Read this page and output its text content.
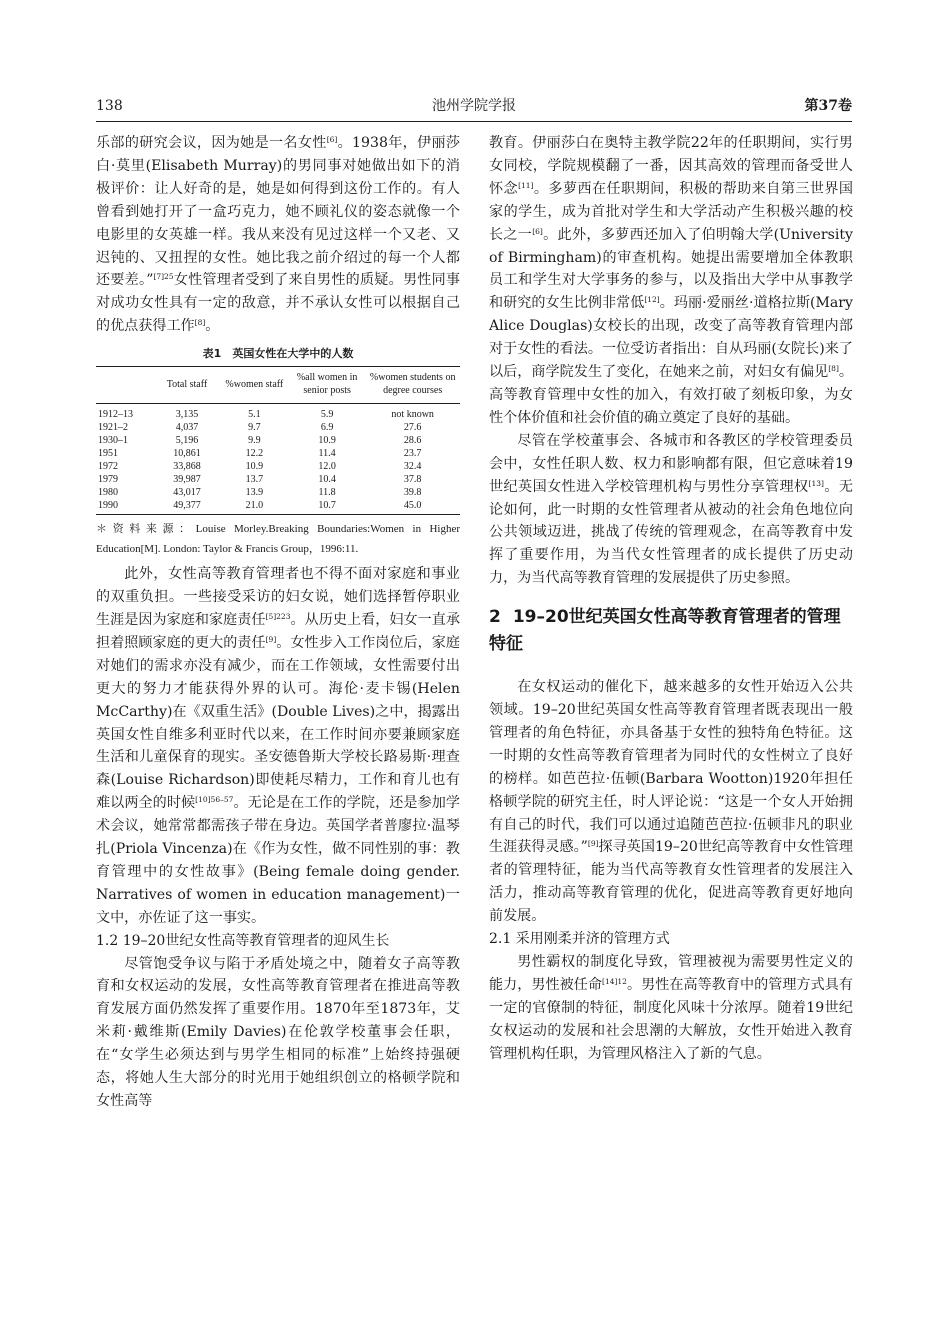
138	池州学院学报	第37卷

乐部的研究会议，因为她是一名女性[6]。1938年，伊丽莎白·莫里(Elisabeth Murray)的男同事对她做出如下的消极评价：让人好奇的是，她是如何得到这份工作的。有人曾看到她打开了一盒巧克力，她不顾礼仪的姿态就像一个电影里的女英雄一样。我从来没有见过这样一个又老、又迟钝的、又扭捏的女性。她比我之前介绍过的每一个人都还要差。”$^{[7]25}$女性管理者受到了来自男性的质疑。男性同事对成功女性具有一定的敌意，并不承认女性可以根据自己的优点获得工作[8]。

表1　英国女性在大学中的人数
	Total staff	%women staff	%all women in senior posts	%women students on degree courses
1912–13	3,135	5.1	5.9	not known
1921–2	4,037	9.7	6.9	27.6
1930–1	5,196	9.9	10.9	28.6
1951	10,861	12.2	11.4	23.7
1972	33,868	10.9	12.0	32.4
1979	39,987	13.7	10.4	37.8
1980	43,017	13.9	11.8	39.8
1990	49,377	21.0	10.7	45.0
＊资料来源：Louise Morley.Breaking Boundaries:Women in Higher Education[M]. London: Taylor & Francis Group，1996:11.

此外，女性高等教育管理者也不得不面对家庭和事业的双重负担。一些接受采访的妇女说，她们选择暂停职业生涯是因为家庭和家庭责任$^{[5]223}$。从历史上看，妇女一直承担着照顾家庭的更大的责任[9]。女性步入工作岗位后，家庭对她们的需求亦没有减少，而在工作领域，女性需要付出更大的努力才能获得外界的认可。海伦·麦卡锡(Helen McCarthy)在《双重生活》(Double Lives)之中，揭露出英国女性自维多利亚时代以来，在工作时间亦要兼顾家庭生活和儿童保育的现实。圣安德鲁斯大学校长路易斯·理查森(Louise Richardson)即使耗尽精力，工作和育儿也有难以两全的时候$^{[10]56-57}$。无论是在工作的学院，还是参加学术会议，她常常都需孩子带在身边。英国学者普廖拉·温琴扎(Priola Vincenza)在《作为女性，做不同性别的事：教育管理中的女性故事》(Being female doing gender. Narratives of women in education management)一文中，亦佐证了这一事实。

1.2 19–20世纪女性高等教育管理者的迎风生长

尽管饱受争议与陷于矛盾处境之中，随着女子高等教育和女权运动的发展，女性高等教育管理者在推进高等教育发展方面仍然发挥了重要作用。1870年至1873年，艾米莉·戴维斯(Emily Davies)在伦敦学校董事会任职，在“女学生必须达到与男学生相同的标准”上始终持强硬态，将她人生大部分的时光用于她组织创立的格顿学院和女性高等

教育。伊丽莎白在奥特主教学院22年的任职期间，实行男女同校，学院规模翻了一番，因其高效的管理而备受世人怀念[11]。多萝西在任职期间，积极的帮助来自第三世界国家的学生，成为首批对学生和大学活动产生积极兴趣的校长之一[6]。此外，多萝西还加入了伯明翰大学(University of Birmingham)的审查机构。她提出需要增加全体教职员工和学生对大学事务的参与，以及指出大学中从事教学和研究的女生比例非常低[12]。玛丽·爱丽丝·道格拉斯(Mary Alice Douglas)女校长的出现，改变了高等教育管理内部对于女性的看法。一位受访者指出：自从玛丽(女院长)来了以后，商学院发生了变化，在她来之前，对妇女有偏见[8]。高等教育管理中女性的加入，有效打破了刻板印象，为女性个体价值和社会价值的确立奠定了良好的基础。

尽管在学校董事会、各城市和各教区的学校管理委员会中，女性任职人数、权力和影响都有限，但它意味着19世纪英国女性进入学校管理机构与男性分享管理权[13]。无论如何，此一时期的女性管理者从被动的社会角色地位向公共领域迈进，挑战了传统的管理观念，在高等教育中发挥了重要作用，为当代女性管理者的成长提供了历史动力，为当代高等教育管理的发展提供了历史参照。

2 19–20世纪英国女性高等教育管理者的管理特征

在女权运动的催化下，越来越多的女性开始迈入公共领域。19–20世纪英国女性高等教育管理者既表现出一般管理者的角色特征，亦具备基于女性的独特角色特征。这一时期的女性高等教育管理者为同时代的女性树立了良好的榜样。如芭芭拉·伍顿(Barbara Wootton)1920年担任格顿学院的研究主任，时人评论说：“这是一个女人开始拥有自己的时代，我们可以通过追随芭芭拉·伍顿非凡的职业生涯获得灵感。”[9]探寻英国19–20世纪高等教育中女性管理者的管理特征，能为当代高等教育女性管理者的发展注入活力，推动高等教育管理的优化，促进高等教育更好地向前发展。

2.1 采用刚柔并济的管理方式

男性霸权的制度化导致，管理被视为需要男性定义的能力，男性被任命$^{[14]12}$。男性在高等教育中的管理方式具有一定的官僚制的特征，制度化风味十分浓厚。随着19世纪女权运动的发展和社会思潮的大解放，女性开始进入教育管理机构任职，为管理风格注入了新的气息。
